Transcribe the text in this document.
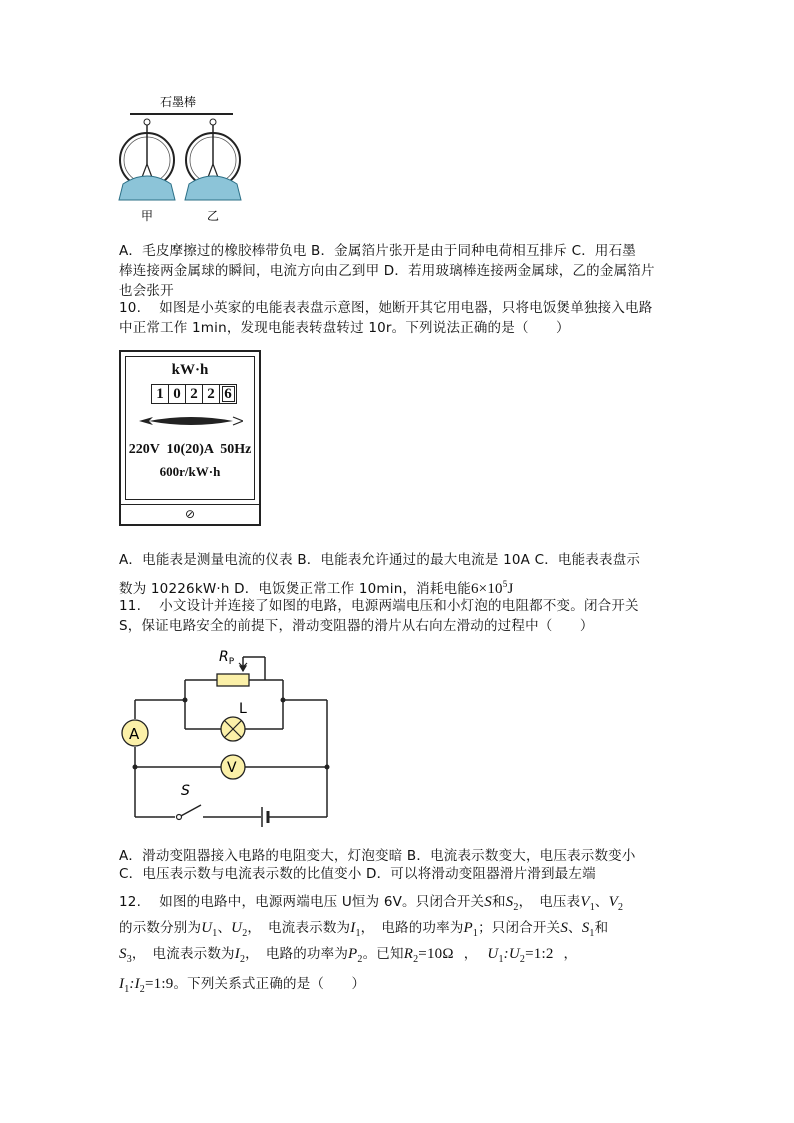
石墨棒
甲	乙
A．毛皮摩擦过的橡胶棒带负电 B．金属箔片张开是由于同种电荷相互排斥 C．用石墨
棒连接两金属球的瞬间，电流方向由乙到甲 D．若用玻璃棒连接两金属球，乙的金属箔片
也会张开
10.　 如图是小英家的电能表表盘示意图，她断开其它用电器，只将电饭煲单独接入电路
中正常工作 1min，发现电能表转盘转过 10r。下列说法正确的是（　　）
kW·h
1 0 2 2 6
220V  10(20)A  50Hz
600r/kW·h
⊘
A．电能表是测量电流的仪表 B．电能表允许通过的最大电流是 10A C．电能表表盘示
数为 10226kW·h D．电饭煲正常工作 10min，消耗电能$6\times 10^5J$
11.　 小文设计并连接了如图的电路，电源两端电压和小灯泡的电阻都不变。闭合开关
S，保证电路安全的前提下，滑动变阻器的滑片从右向左滑动的过程中（　　）
$R_P$
L
A
V
S
A．滑动变阻器接入电路的电阻变大，灯泡变暗 B．电流表示数变大，电压表示数变小
C．电压表示数与电流表示数的比值变小 D．可以将滑动变阻器滑片滑到最左端
12.　 如图的电路中，电源两端电压 U恒为 6V。只闭合开关S和$S_2$，　电压表$V_1$、$V_2$
的示数分别为$U_1$、$U_2$，　电流表示数为$I_1$，　电路的功率为$P_1$；只闭合开关S、$S_1$和
$S_3$，　电流表示数为$I_2$，　电路的功率为$P_2$。已知$R_2=10\Omega$ ， $U_1:U_2=1:2$ ，
$I_1:I_2=1:9$。下列关系式正确的是（　　）
